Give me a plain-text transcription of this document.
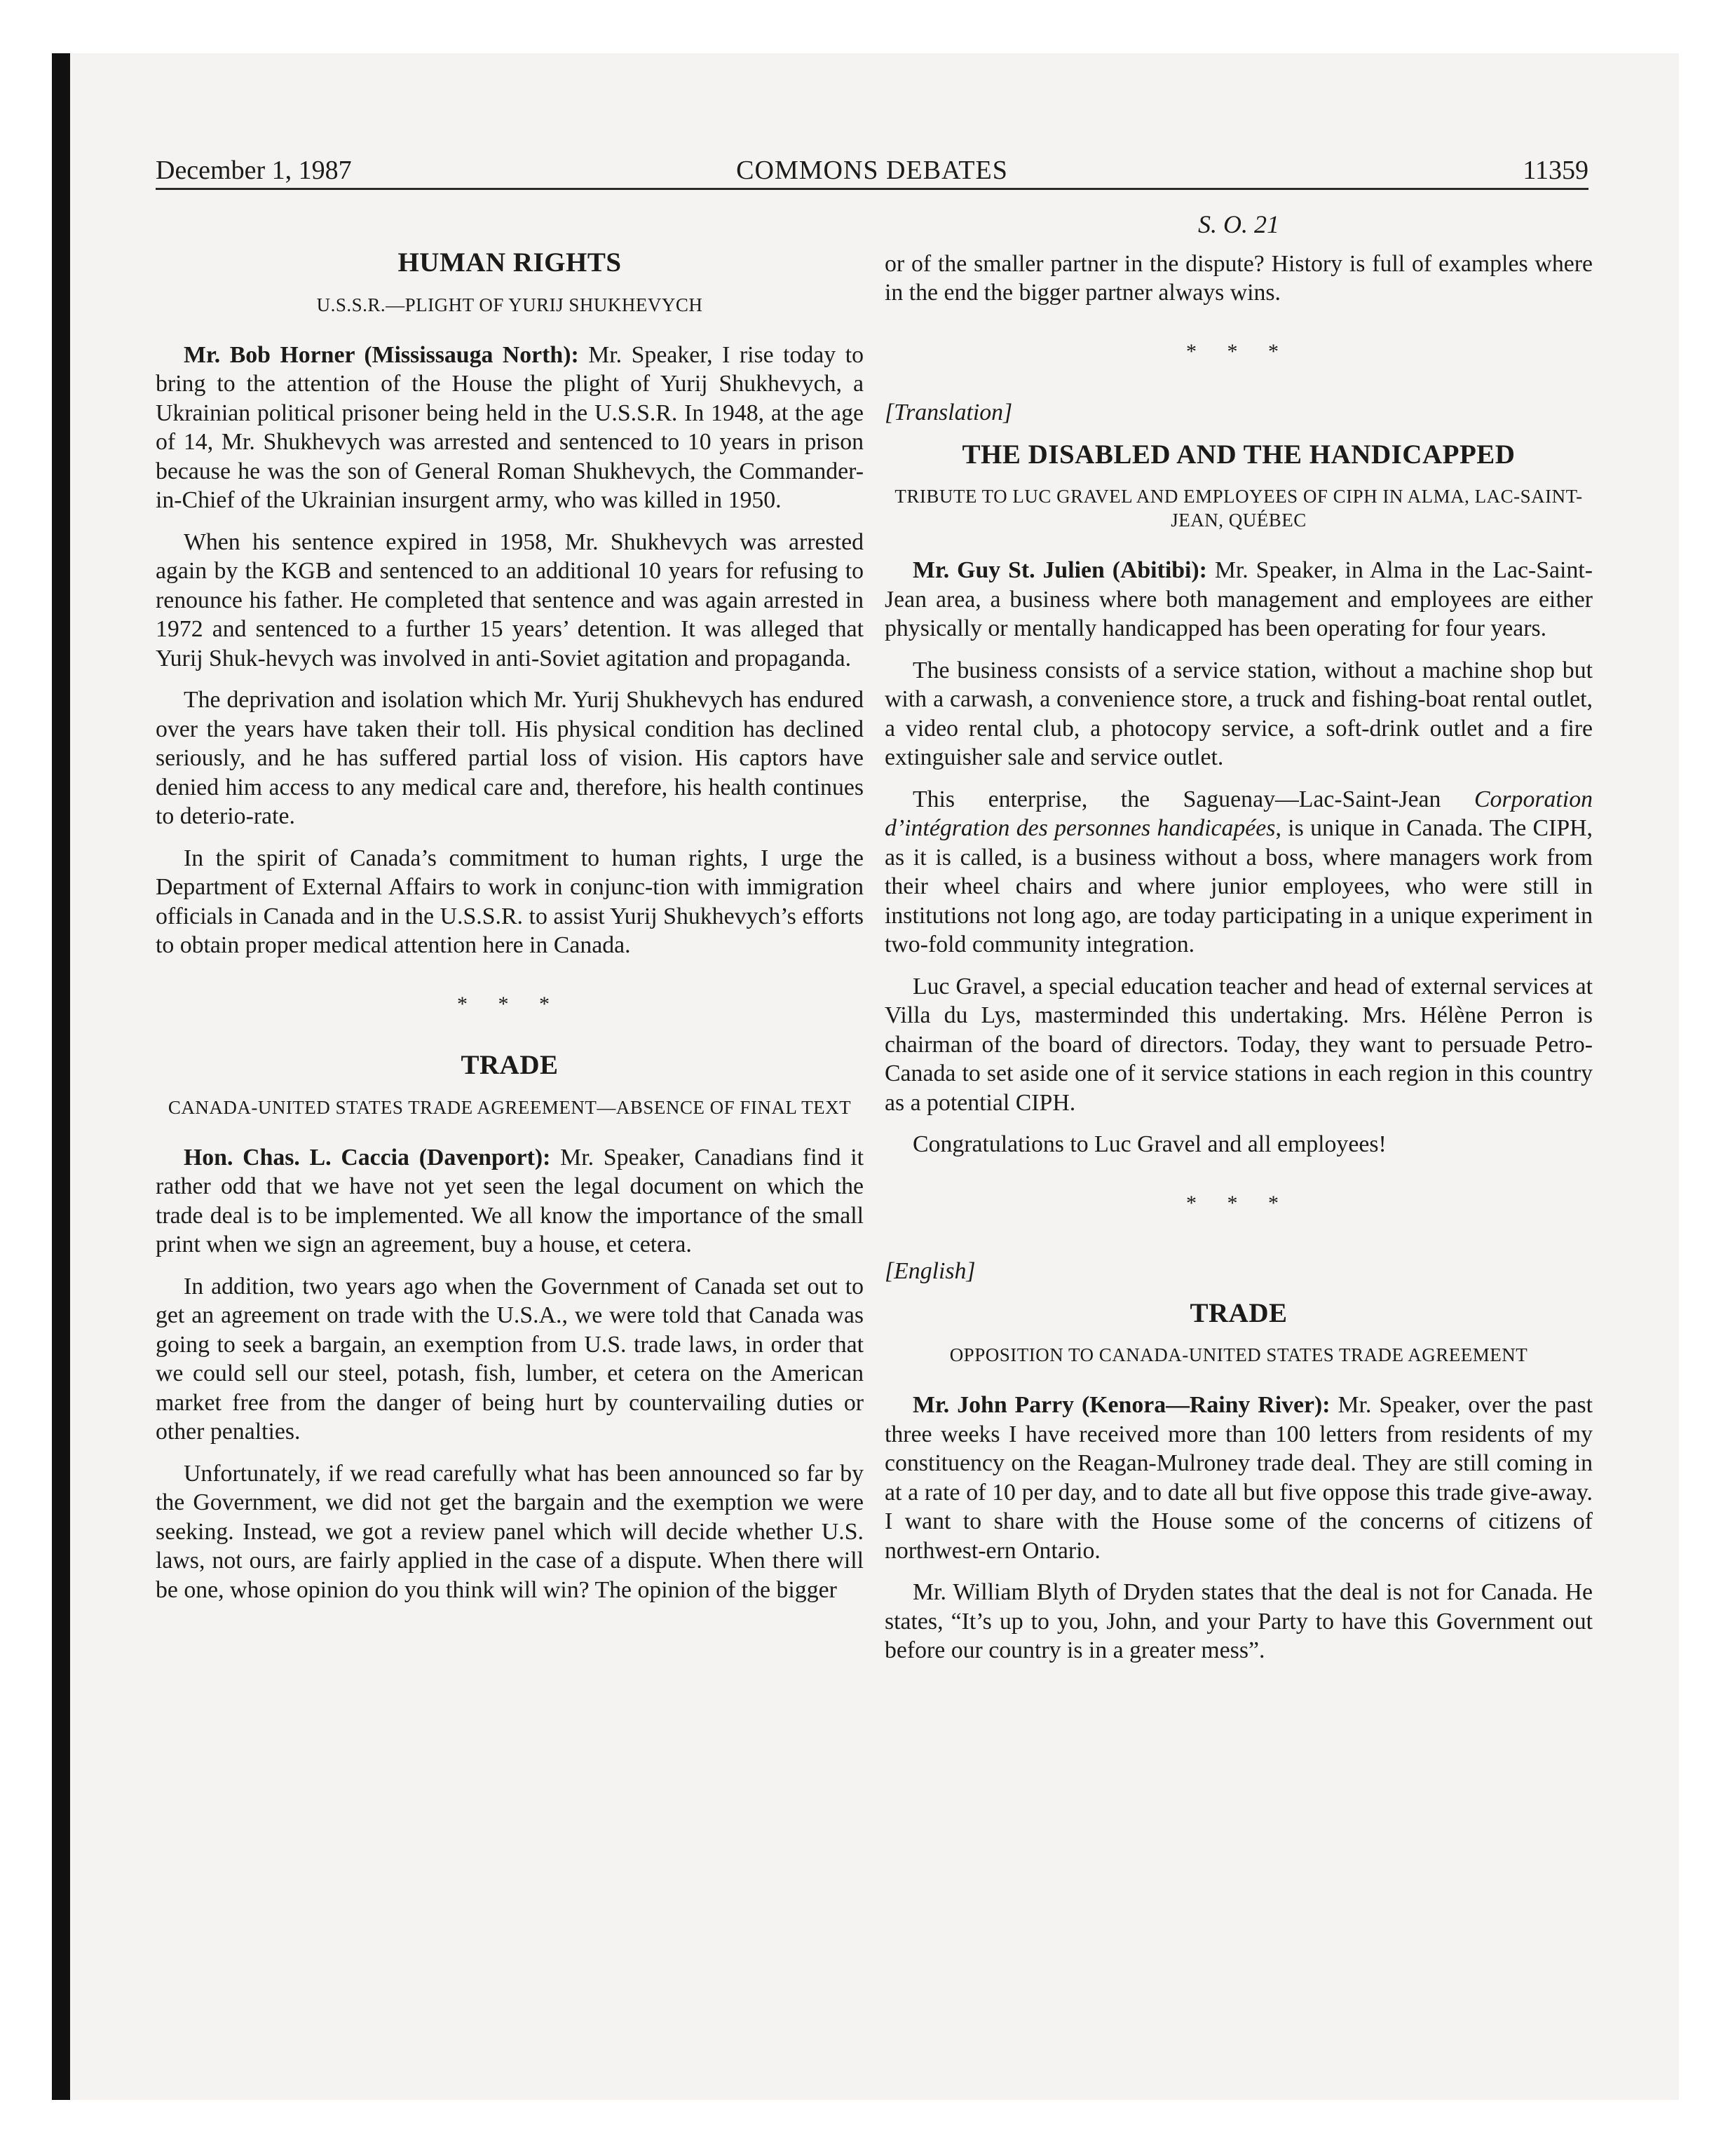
December 1, 1987	COMMONS DEBATES	11359
HUMAN RIGHTS
U.S.S.R.—PLIGHT OF YURIJ SHUKHEVYCH

Mr. Bob Horner (Mississauga North): Mr. Speaker, I rise today to bring to the attention of the House the plight of Yurij Shukhevych, a Ukrainian political prisoner being held in the U.S.S.R. In 1948, at the age of 14, Mr. Shukhevych was arrested and sentenced to 10 years in prison because he was the son of General Roman Shukhevych, the Commander-in-Chief of the Ukrainian insurgent army, who was killed in 1950.

When his sentence expired in 1958, Mr. Shukhevych was arrested again by the KGB and sentenced to an additional 10 years for refusing to renounce his father. He completed that sentence and was again arrested in 1972 and sentenced to a further 15 years’ detention. It was alleged that Yurij Shuk-hevych was involved in anti-Soviet agitation and propaganda.

The deprivation and isolation which Mr. Yurij Shukhevych has endured over the years have taken their toll. His physical condition has declined seriously, and he has suffered partial loss of vision. His captors have denied him access to any medical care and, therefore, his health continues to deterio-rate.

In the spirit of Canada’s commitment to human rights, I urge the Department of External Affairs to work in conjunc-tion with immigration officials in Canada and in the U.S.S.R. to assist Yurij Shukhevych’s efforts to obtain proper medical attention here in Canada.

* * *
TRADE
CANADA-UNITED STATES TRADE AGREEMENT—ABSENCE OF FINAL TEXT

Hon. Chas. L. Caccia (Davenport): Mr. Speaker, Canadians find it rather odd that we have not yet seen the legal document on which the trade deal is to be implemented. We all know the importance of the small print when we sign an agreement, buy a house, et cetera.

In addition, two years ago when the Government of Canada set out to get an agreement on trade with the U.S.A., we were told that Canada was going to seek a bargain, an exemption from U.S. trade laws, in order that we could sell our steel, potash, fish, lumber, et cetera on the American market free from the danger of being hurt by countervailing duties or other penalties.

Unfortunately, if we read carefully what has been announced so far by the Government, we did not get the bargain and the exemption we were seeking. Instead, we got a review panel which will decide whether U.S. laws, not ours, are fairly applied in the case of a dispute. When there will be one, whose opinion do you think will win? The opinion of the bigger

S. O. 21

or of the smaller partner in the dispute? History is full of examples where in the end the bigger partner always wins.

* * *

[Translation]

THE DISABLED AND THE HANDICAPPED
TRIBUTE TO LUC GRAVEL AND EMPLOYEES OF CIPH IN ALMA, LAC-SAINT-JEAN, QUÉBEC

Mr. Guy St. Julien (Abitibi): Mr. Speaker, in Alma in the Lac-Saint-Jean area, a business where both management and employees are either physically or mentally handicapped has been operating for four years.

The business consists of a service station, without a machine shop but with a carwash, a convenience store, a truck and fishing-boat rental outlet, a video rental club, a photocopy service, a soft-drink outlet and a fire extinguisher sale and service outlet.

This enterprise, the Saguenay—Lac-Saint-Jean Corporation d’intégration des personnes handicapées, is unique in Canada. The CIPH, as it is called, is a business without a boss, where managers work from their wheel chairs and where junior employees, who were still in institutions not long ago, are today participating in a unique experiment in two-fold community integration.

Luc Gravel, a special education teacher and head of external services at Villa du Lys, masterminded this undertaking. Mrs. Hélène Perron is chairman of the board of directors. Today, they want to persuade Petro-Canada to set aside one of it service stations in each region in this country as a potential CIPH.

Congratulations to Luc Gravel and all employees!

* * *

[English]

TRADE
OPPOSITION TO CANADA-UNITED STATES TRADE AGREEMENT

Mr. John Parry (Kenora—Rainy River): Mr. Speaker, over the past three weeks I have received more than 100 letters from residents of my constituency on the Reagan-Mulroney trade deal. They are still coming in at a rate of 10 per day, and to date all but five oppose this trade give-away. I want to share with the House some of the concerns of citizens of northwest-ern Ontario.

Mr. William Blyth of Dryden states that the deal is not for Canada. He states, “It’s up to you, John, and your Party to have this Government out before our country is in a greater mess”.
